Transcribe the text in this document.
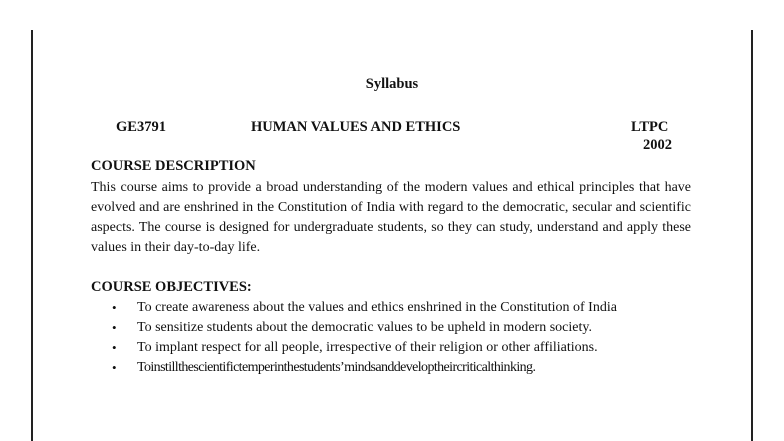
Syllabus
GE3791	HUMAN VALUES AND ETHICS	LTPC
2002
COURSE DESCRIPTION
This course aims to provide a broad understanding of the modern values and ethical principles that have evolved and are enshrined in the Constitution of India with regard to the democratic, secular and scientific aspects. The course is designed for undergraduate students, so they can study, understand and apply these values in their day-to-day life.
COURSE OBJECTIVES:
• To create awareness about the values and ethics enshrined in the Constitution of India
• To sensitize students about the democratic values to be upheld in modern society.
• To implant respect for all people, irrespective of their religion or other affiliations.
• Toinstillthescientifictemperinthestudents’mindsanddeveloptheircriticalthinking.
